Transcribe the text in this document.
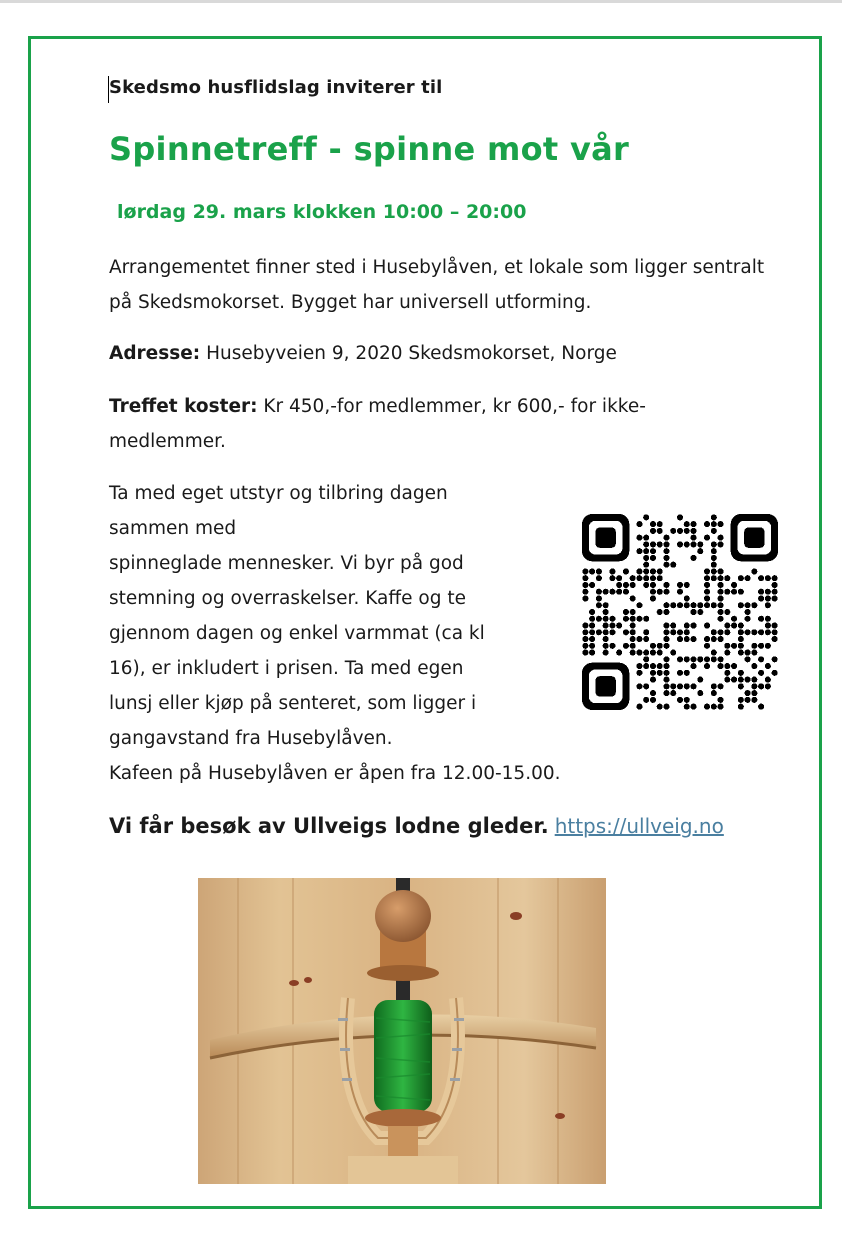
Skedsmo husflidslag inviterer til
Spinnetreff - spinne mot vår
lørdag 29. mars klokken 10:00 – 20:00
Arrangementet finner sted i Husebylåven, et lokale som ligger sentralt på Skedsmokorset. Bygget har universell utforming.
Adresse: Husebyveien 9, 2020 Skedsmokorset, Norge
Treffet koster: Kr 450,-for medlemmer, kr 600,- for ikke-medlemmer.
Ta med eget utstyr og tilbring dagen
sammen med
spinneglade mennesker. Vi byr på god
stemning og overraskelser. Kaffe og te
gjennom dagen og enkel varmmat (ca kl
16), er inkludert i prisen. Ta med egen
lunsj eller kjøp på senteret, som ligger i
gangavstand fra Husebylåven.
Kafeen på Husebylåven er åpen fra 12.00-15.00.
Vi får besøk av Ullveigs lodne gleder. https://ullveig.no
